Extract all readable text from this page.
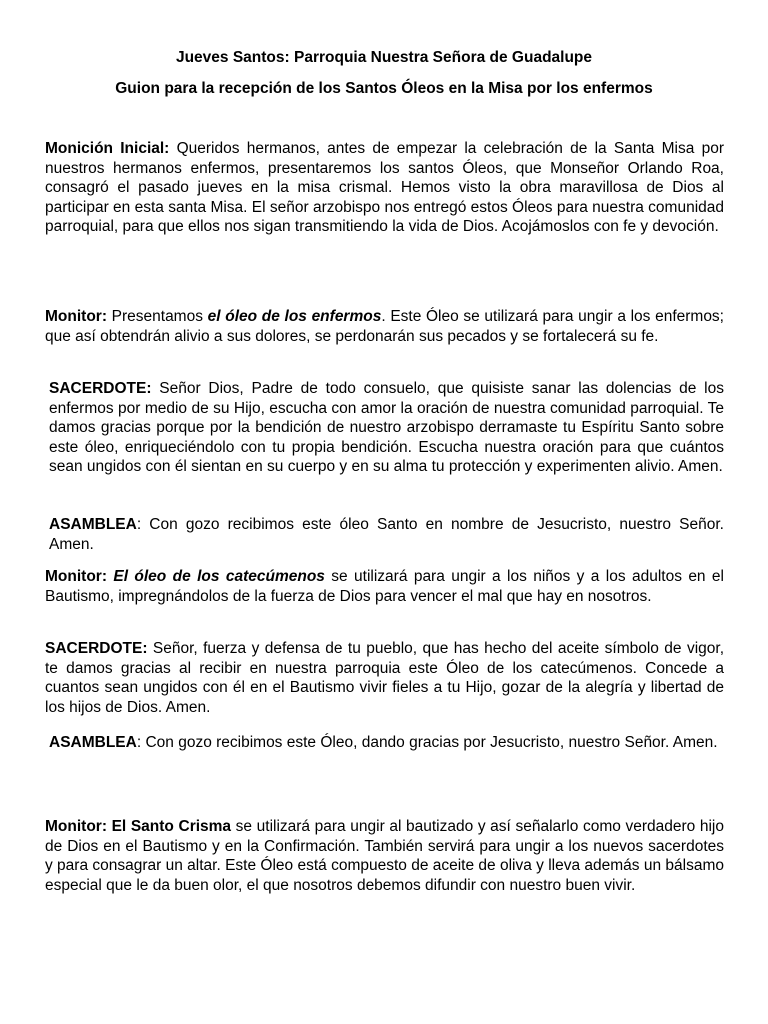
Jueves Santos: Parroquia Nuestra Señora de Guadalupe

Guion para la recepción de los Santos Óleos en la Misa por los enfermos

Monición Inicial: Queridos hermanos, antes de empezar la celebración de la Santa Misa por nuestros hermanos enfermos, presentaremos los santos Óleos, que Monseñor Orlando Roa, consagró el pasado jueves en la misa crismal. Hemos visto la obra maravillosa de Dios al participar en esta santa Misa. El señor arzobispo nos entregó estos Óleos para nuestra comunidad parroquial, para que ellos nos sigan transmitiendo la vida de Dios. Acojámoslos con fe y devoción.

Monitor: Presentamos el óleo de los enfermos. Este Óleo se utilizará para ungir a los enfermos; que así obtendrán alivio a sus dolores, se perdonarán sus pecados y se fortalecerá su fe.

SACERDOTE: Señor Dios, Padre de todo consuelo, que quisiste sanar las dolencias de los enfermos por medio de su Hijo, escucha con amor la oración de nuestra comunidad parroquial. Te damos gracias porque por la bendición de nuestro arzobispo derramaste tu Espíritu Santo sobre este óleo, enriqueciéndolo con tu propia bendición. Escucha nuestra oración para que cuántos sean ungidos con él sientan en su cuerpo y en su alma tu protección y experimenten alivio. Amen.

ASAMBLEA: Con gozo recibimos este óleo Santo en nombre de Jesucristo, nuestro Señor. Amen.

Monitor: El óleo de los catecúmenos se utilizará para ungir a los niños y a los adultos en el Bautismo, impregnándolos de la fuerza de Dios para vencer el mal que hay en nosotros.

SACERDOTE: Señor, fuerza y defensa de tu pueblo, que has hecho del aceite símbolo de vigor, te damos gracias al recibir en nuestra parroquia este Óleo de los catecúmenos. Concede a cuantos sean ungidos con él en el Bautismo vivir fieles a tu Hijo, gozar de la alegría y libertad de los hijos de Dios. Amen.

ASAMBLEA: Con gozo recibimos este Óleo, dando gracias por Jesucristo, nuestro Señor. Amen.

Monitor: El Santo Crisma se utilizará para ungir al bautizado y así señalarlo como verdadero hijo de Dios en el Bautismo y en la Confirmación. También servirá para ungir a los nuevos sacerdotes y para consagrar un altar. Este Óleo está compuesto de aceite de oliva y lleva además un bálsamo especial que le da buen olor, el que nosotros debemos difundir con nuestro buen vivir.
